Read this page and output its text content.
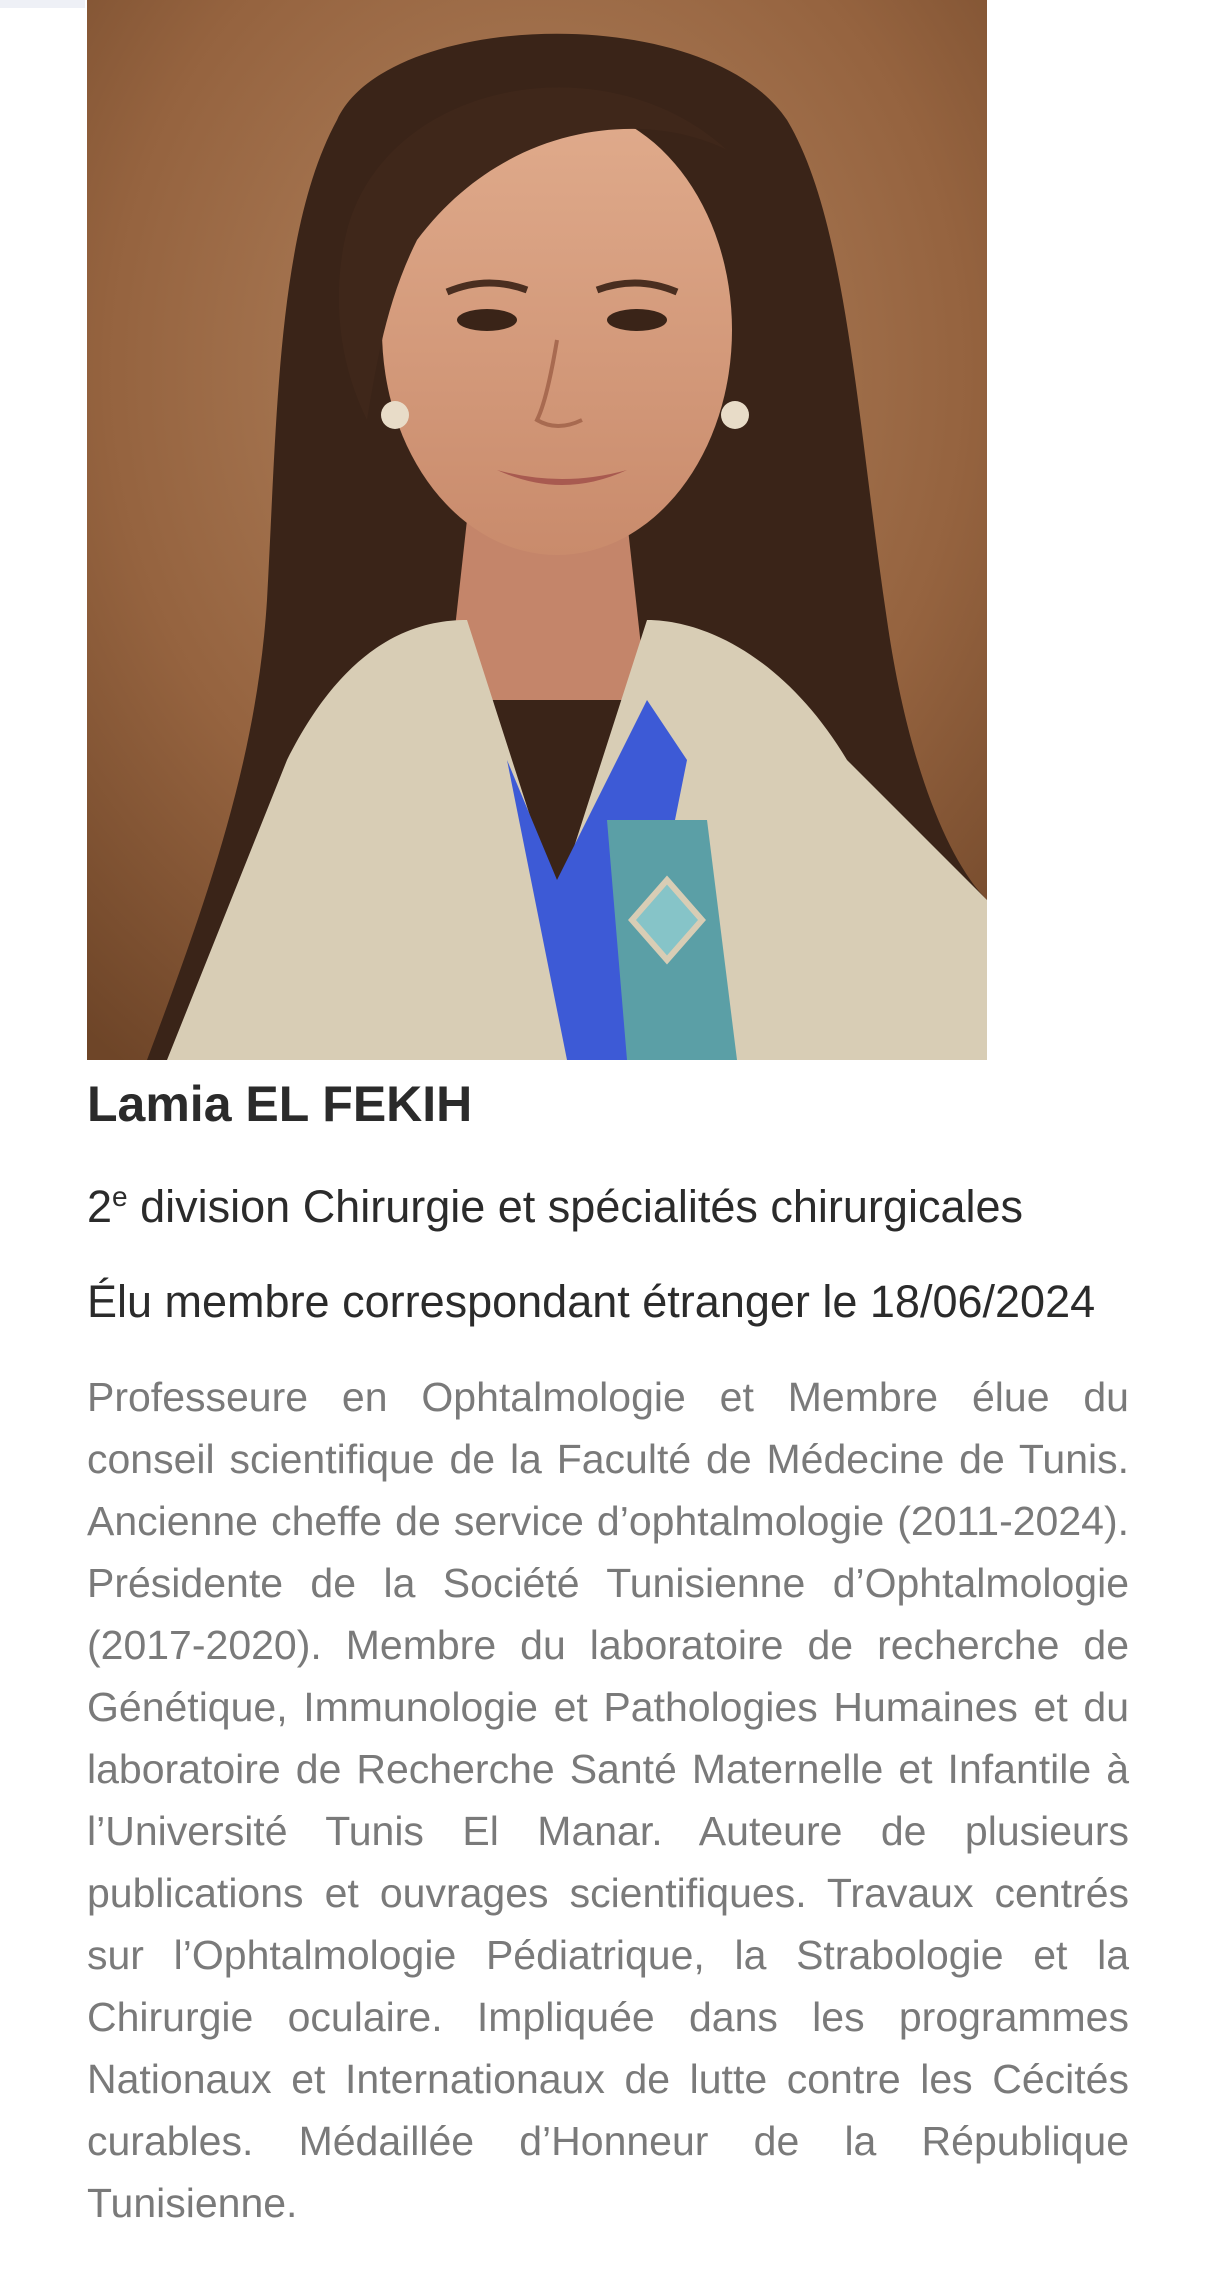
Lamia EL FEKIH
2e division Chirurgie et spécialités chirurgicales
Élu membre correspondant étranger le 18/06/2024
Professeure en Ophtalmologie et Membre élue du conseil scientifique de la Faculté de Médecine de Tunis. Ancienne cheffe de service d’ophtalmologie (2011-2024). Présidente de la Société Tunisienne d’Ophtalmologie (2017-2020). Membre du laboratoire de recherche de Génétique, Immunologie et Pathologies Humaines et du laboratoire de Recherche Santé Maternelle et Infantile à l’Université Tunis El Manar. Auteure de plusieurs publications et ouvrages scientifiques. Travaux centrés sur l’Ophtalmologie Pédiatrique, la Strabologie et la Chirurgie oculaire. Impliquée dans les programmes Nationaux et Internationaux de lutte contre les Cécités curables. Médaillée d’Honneur de la République Tunisienne.
